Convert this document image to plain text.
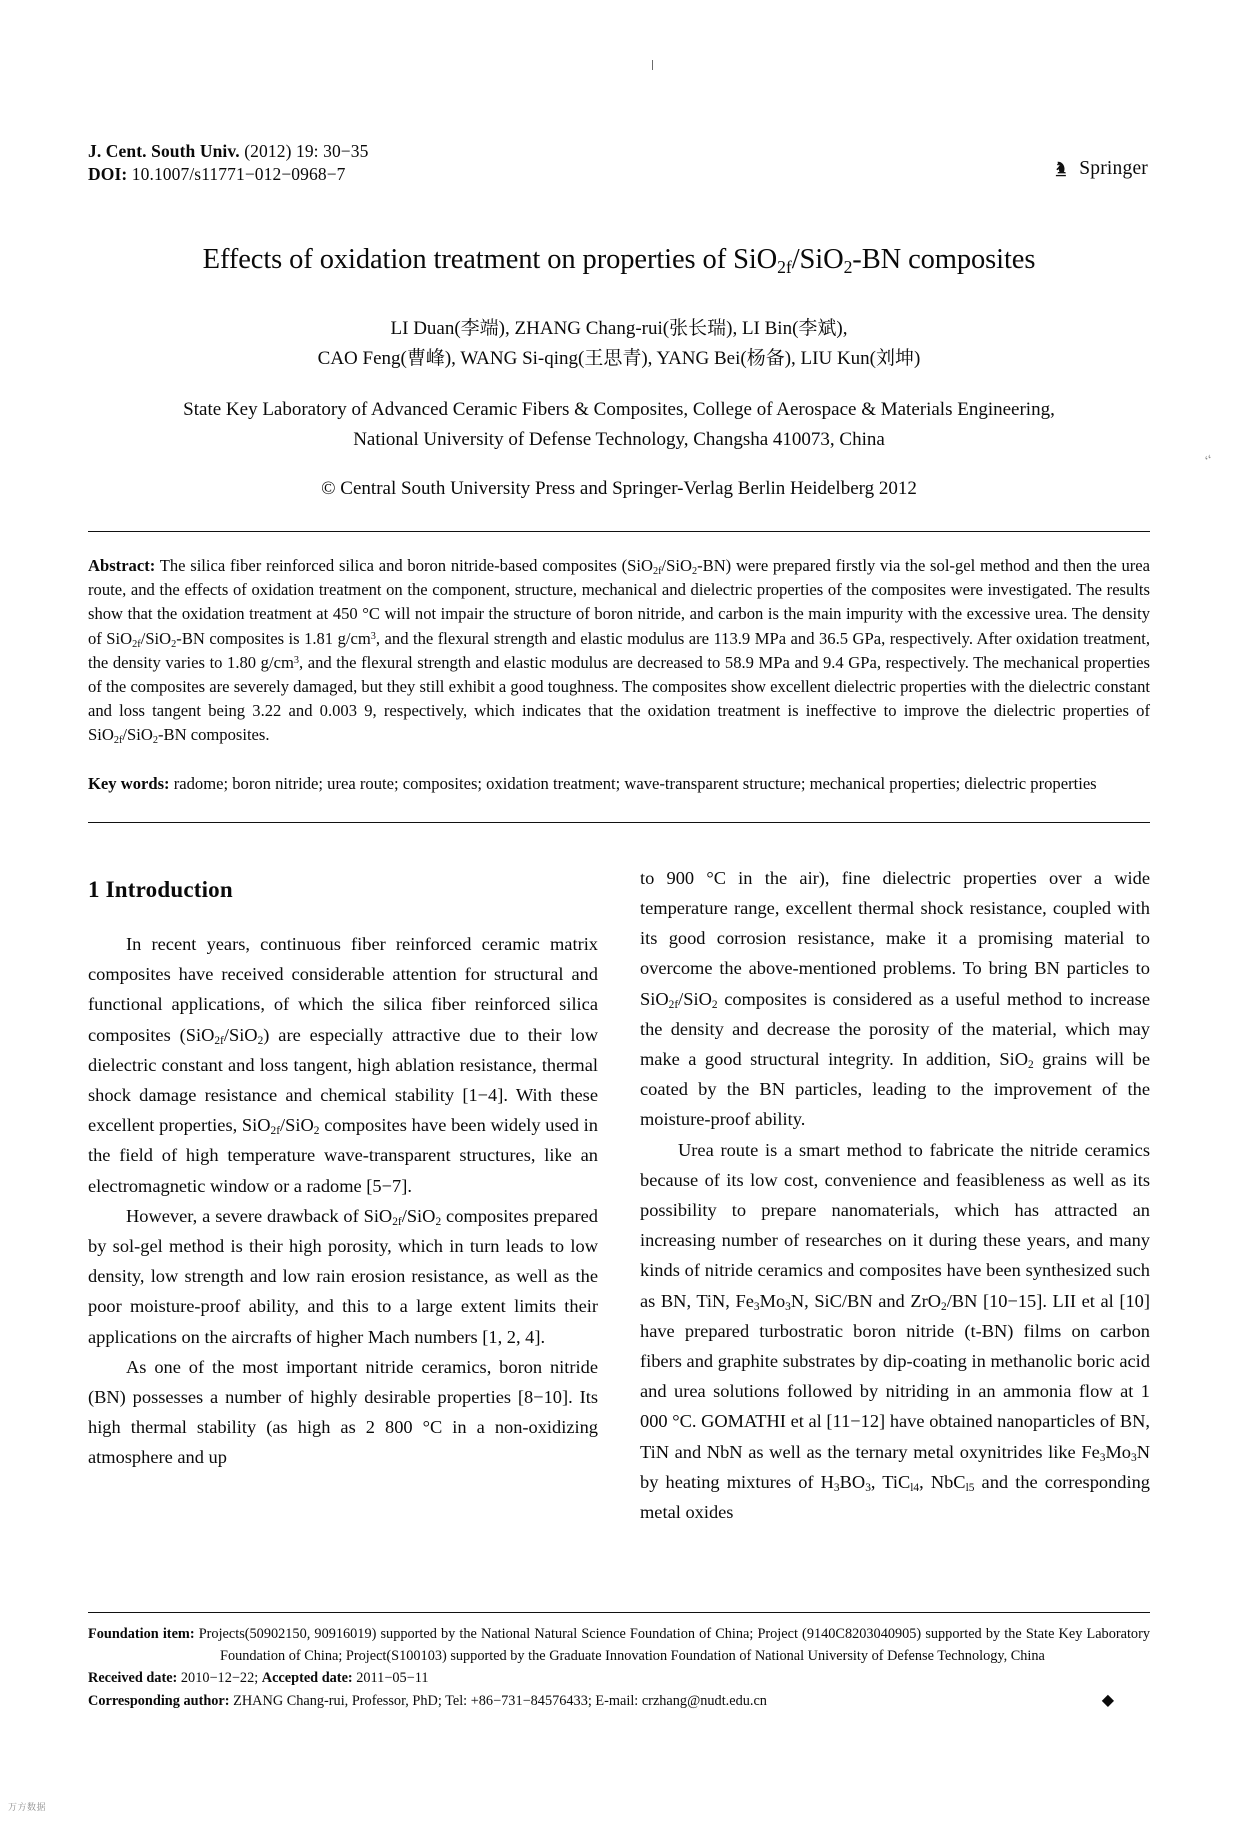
‘‘
J. Cent. South Univ. (2012) 19: 30−35
DOI: 10.1007/s11771−012−0968−7	Springer
Effects of oxidation treatment on properties of SiO$_{2f}$/SiO$_2$-BN composites
LI Duan(李端), ZHANG Chang-rui(张长瑞), LI Bin(李斌),
CAO Feng(曹峰), WANG Si-qing(王思青), YANG Bei(杨备), LIU Kun(刘坤)
State Key Laboratory of Advanced Ceramic Fibers & Composites, College of Aerospace & Materials Engineering,
National University of Defense Technology, Changsha 410073, China
© Central South University Press and Springer-Verlag Berlin Heidelberg 2012
Abstract: The silica fiber reinforced silica and boron nitride-based composites (SiO$_{2f}$/SiO$_2$-BN) were prepared firstly via the sol-gel method and then the urea route, and the effects of oxidation treatment on the component, structure, mechanical and dielectric properties of the composites were investigated. The results show that the oxidation treatment at 450 °C will not impair the structure of boron nitride, and carbon is the main impurity with the excessive urea. The density of SiO$_{2f}$/SiO$_2$-BN composites is 1.81 $g/cm^3$, and the flexural strength and elastic modulus are 113.9 MPa and 36.5 GPa, respectively. After oxidation treatment, the density varies to 1.80 $g/cm^3$, and the flexural strength and elastic modulus are decreased to 58.9 MPa and 9.4 GPa, respectively. The mechanical properties of the composites are severely damaged, but they still exhibit a good toughness. The composites show excellent dielectric properties with the dielectric constant and loss tangent being 3.22 and 0.003 9, respectively, which indicates that the oxidation treatment is ineffective to improve the dielectric properties of SiO$_{2f}$/SiO$_2$-BN composites.
Key words: radome; boron nitride; urea route; composites; oxidation treatment; wave-transparent structure; mechanical properties; dielectric properties
1 Introduction

In recent years, continuous fiber reinforced ceramic matrix composites have received considerable attention for structural and functional applications, of which the silica fiber reinforced silica composites (SiO$_{2f}$/SiO$_2$) are especially attractive due to their low dielectric constant and loss tangent, high ablation resistance, thermal shock damage resistance and chemical stability [1−4]. With these excellent properties, SiO$_{2f}$/SiO$_2$ composites have been widely used in the field of high temperature wave-transparent structures, like an electromagnetic window or a radome [5−7].

However, a severe drawback of SiO$_{2f}$/SiO$_2$ composites prepared by sol-gel method is their high porosity, which in turn leads to low density, low strength and low rain erosion resistance, as well as the poor moisture-proof ability, and this to a large extent limits their applications on the aircrafts of higher Mach numbers [1, 2, 4].

As one of the most important nitride ceramics, boron nitride (BN) possesses a number of highly desirable properties [8−10]. Its high thermal stability (as high as 2 800 °C in a non-oxidizing atmosphere and up

to 900 °C in the air), fine dielectric properties over a wide temperature range, excellent thermal shock resistance, coupled with its good corrosion resistance, make it a promising material to overcome the above-mentioned problems. To bring BN particles to SiO$_{2f}$/SiO$_2$ composites is considered as a useful method to increase the density and decrease the porosity of the material, which may make a good structural integrity. In addition, SiO$_2$ grains will be coated by the BN particles, leading to the improvement of the moisture-proof ability.

Urea route is a smart method to fabricate the nitride ceramics because of its low cost, convenience and feasibleness as well as its possibility to prepare nanomaterials, which has attracted an increasing number of researches on it during these years, and many kinds of nitride ceramics and composites have been synthesized such as BN, TiN, $Fe_3Mo_3N$, SiC/BN and ZrO$_2$/BN [10−15]. LII et al [10] have prepared turbostratic boron nitride (t-BN) films on carbon fibers and graphite substrates by dip-coating in methanolic boric acid and urea solutions followed by nitriding in an ammonia flow at 1 000 °C. GOMATHI et al [11−12] have obtained nanoparticles of BN, TiN and NbN as well as the ternary metal oxynitrides like $Fe_3Mo_3N$ by heating mixtures of $H_3BO_3$, TiC$_{l4}$, NbC$_{l5}$ and the corresponding metal oxides

Foundation item: Projects(50902150, 90916019) supported by the National Natural Science Foundation of China; Project (9140C8203040905) supported by the State Key Laboratory Foundation of China; Project(S100103) supported by the Graduate Innovation Foundation of National University of Defense Technology, China
Received date: 2010−12−22; Accepted date: 2011−05−11
Corresponding author: ZHANG Chang-rui, Professor, PhD; Tel: +86−731−84576433; E-mail: crzhang@nudt.edu.cn	◆
万方数据
